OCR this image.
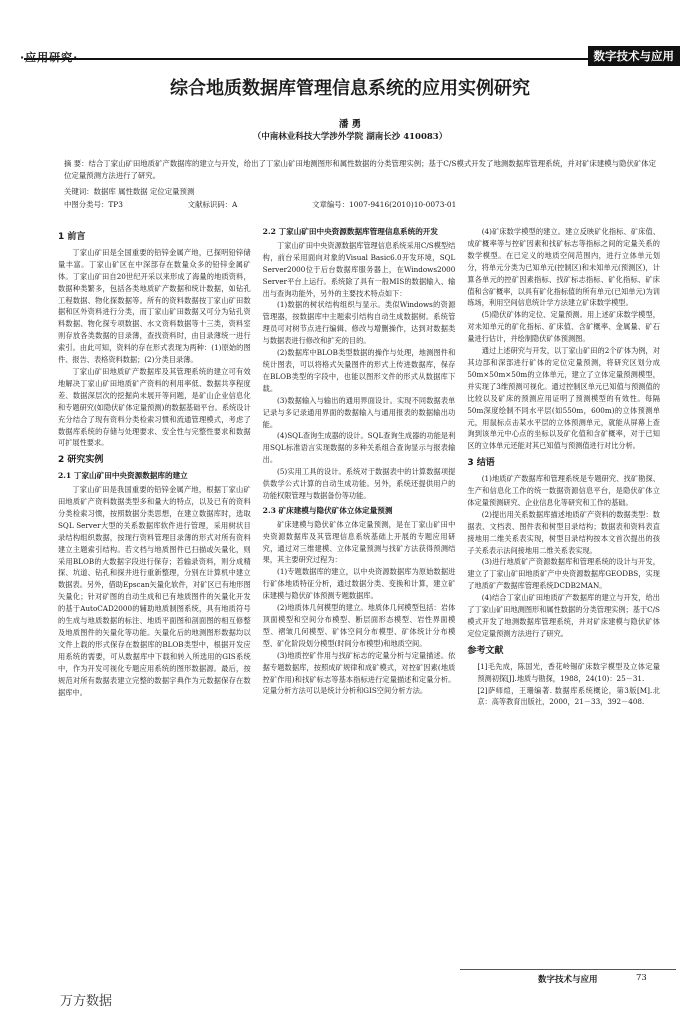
·应用研究·	数字技术与应用
综合地质数据库管理信息系统的应用实例研究
潘 勇
（中南林业科技大学涉外学院 湖南长沙 410083）
摘 要：结合丁家山矿田地质矿产数据库的建立与开发，给出了丁家山矿田地测图形和属性数据的分类管理实例；基于C/S模式开发了地测数据库管理系统，并对矿床建模与隐伏矿体定位定量预测方法进行了研究。
关键词：数据库 属性数据 定位定量预测
中图分类号：TP3	文献标识码：A	文章编号：1007-9416(2010)10-0073-01
1 前言

丁家山矿田是全国重要的铅锌金属产地，已探明铅锌储量丰富。丁家山矿区在中深部存在数量众多的铅锌金属矿体。丁家山矿田自20世纪开采以来形成了海量的地质资料，数据种类繁多，包括各类地质矿产数据和统计数据，如钻孔工程数据、物化探数据等。所有的资料数据按丁家山矿田数据和区外资料进行分类，而丁家山矿田数据又可分为钻孔资料数据、物化探专项数据、水文资料数据等十三类，资料室则存放各类数据的目录薄，查找资料时，由目录薄统一进行索引。由此可知，资料的存在形式表现为两种：(1)原始的图件、报告、表格资料数据；(2)分类目录薄。

丁家山矿田地质矿产数据库及其管理系统的建立可有效地解决丁家山矿田地质矿产资料的利用率低、数据共享程度差、数据深层次的挖掘尚未展开等问题，是矿山企业信息化和专题研究(如隐伏矿体定量预测)的数据基础平台。系统设计充分结合了现有资料分类检索习惯和流通管理模式，考虑了数据库系统的存储与处理要求、安全性与完整性要求和数据可扩展性要求。

2 研究实例
2.1 丁家山矿田中央资源数据库的建立

丁家山矿田是我国重要的铅锌金属产地，根据丁家山矿田地质矿产资料数据类型多和量大的特点，以及已有的资料分类检索习惯，按照数据分类思想，在建立数据库时，选取SQL Server大型的关系数据库软件进行管理，采用树状目录结构组织数据，按现行资料管理目录薄的形式对所有资料建立主题索引结构。若文档与地质图件已扫描或矢量化，则采用BLOB的大数据字段进行保存；若输录资料，则分成精探、坑道、钻孔和探井进行重新整理，分别在计算机中建立数据表。另外，借助Epscan矢量化软件，对矿区已有地形图矢量化；针对矿图的自动生成和已有地质图件的矢量化开发的基于AutoCAD2000的辅助地质制图系统，具有地质符号的生成与地质数据的标注、地质平面图和剖面图的相互修整及地质图件的矢量化等功能。矢量化后的地测图形数据均以文件上载的形式保存在数据库的BLOB类型中，根据开发应用系统的需要，可从数据库中下载和转入所选用的GIS系统中，作为开发可视化专题应用系统的图形数据源。最后，按规范对所有数据表建立完整的数据字典作为元数据保存在数据库中。

2.2 丁家山矿田中央资源数据库管理信息系统的开发

丁家山矿田中央资源数据库管理信息系统采用C/S模型结构，前台采用面向对象的Visual Basic6.0开发环境，SQL Server2000位于后台数据库服务器上，在Windows2000 Server平台上运行。系统除了具有一般MIS的数据输入、输出与查询功能外，另外的主要技术特点如下：

(1)数据的树状结构组织与显示。类似Windows的资源管理器，按数据库中主题索引结构自动生成数据树。系统管理员可对树节点进行编辑、修改与增删操作，达到对数据类与数据表进行修改和扩充的目的。

(2)数据库中BLOB类型数据的操作与处理，地测图件和统计图表，可以将格式矢量图件的形式上传进数据库，保存在BLOB类型的字段中，也能以图形文件的形式从数据库下载。

(3)数据输入与输出的通用界面设计。实现不同数据表单记录与多记录通用界面的数据输入与通用报表的数据输出功能。

(4)SQL查询生成器的设计。SQL查询生成器的功能是利用SQL标准语言实现数据的多种关系组合查询显示与报表输出。

(5)实用工具的设计。系统对于数据表中的计算数据项提供数学公式计算的自动生成功能。另外，系统还提供用户的功能权限管理与数据备份等功能。

2.3 矿床建模与隐伏矿体立体定量预测

矿床建模与隐伏矿体立体定量预测，是在丁家山矿田中央资源数据库及其管理信息系统基础上开展的专题应用研究，通过对三维建模、立体定量预测与找矿方法获得预测结果，其主要研究过程为：

(1)专题数据库的建立，以中央资源数据库为原始数据进行矿体地质特征分析，通过数据分类、变换和计算，建立矿床建模与隐伏矿体预测专题数据库。

(2)地质体几何模型的建立。地质体几何模型包括：岩体顶面模型和空间分布模型、断层面形态模型、岩性界面模型、褶皱几何模型、矿体空间分布模型、矿体统计分布模型、矿化阶段划分模型(时间分布模型)和地质空间。

(3)地质控矿作用与找矿标志的定量分析与定量描述。依据专题数据库，按照成矿规律和成矿模式，对控矿因素(地质控矿作用)和找矿标志等基本指标进行定量描述和定量分析。定量分析方法可以是统计分析和GIS空间分析方法。

(4)矿床数学模型的建立。建立反映矿化指标、矿床值、成矿概率等与控矿因素和找矿标志等指标之间的定量关系的数学模型。在已定义的地质空间范围内，进行立体单元划分，将单元分类为已知单元(控制区)和未知单元(预测区)，计算各单元的控矿因素指标、找矿标志指标、矿化指标、矿床值和含矿概率，以具有矿化指标值的所有单元(已知单元)为训练场，利用空间信息统计学方法建立矿床数学模型。

(5)隐伏矿体的定位、定量预测。用上述矿床数学模型，对未知单元的矿化指标、矿床值、含矿概率、金属量、矿石量进行估计，并绘制隐伏矿体预测图。

通过上述研究与开发，以丁家山矿田的2个矿体为例，对其边部和深部进行矿体的定位定量预测，将研究区划分成50m×50m×50m的立体单元，建立了立体定量预测模型，并实现了3维预测可视化。通过控制区单元已知值与预测值的比较以及矿床的预测应用证明了预测模型的有效性。每隔50m深度绘制不同水平层(如550m，600m)的立体预测单元，用鼠标点击某水平层的立体预测单元，就能从屏幕上查询到该单元中心点的坐标以及矿化值和含矿概率，对于已知区的立体单元还能对其已知值与预测值进行对比分析。

3 结语

(1)地质矿产数据库和管理系统是专题研究、找矿勘探、生产和信息化工作的统一数据资源信息平台，是隐伏矿体立体定量预测研究、企业信息化等研究和工作的基础。

(2)提出用关系数据库描述地质矿产资料的数据类型：数据表、文档表、图件表和树型目录结构；数据表和资料表直接地用二维关系表实现，树型目录结构按本文首次提出的孩子关系表示法间接地用二维关系表实现。

(3)进行地质矿产资源数据库和管理系统的设计与开发，建立了丁家山矿田地质矿产中央资源数据库GEODBS，实现了地质矿产数据库管理系统DCDB2MAN。

(4)结合丁家山矿田地质矿产数据库的建立与开发，给出了丁家山矿田地测图形和属性数据的分类管理实例；基于C/S模式开发了地测数据库管理系统，并对矿床建模与隐伏矿体定位定量预测方法进行了研究。

参考文献

[1]毛先成，陈国光，香花岭锡矿床数字模型及立体定量预测初探[J].地质与勘探，1988，24(10)：25－31.

[2]萨师煊，王珊编著. 数据库系统概论，第3版[M].北京：高等教育出版社，2000，21－33，392－408.

数字技术与应用	73
万方数据
